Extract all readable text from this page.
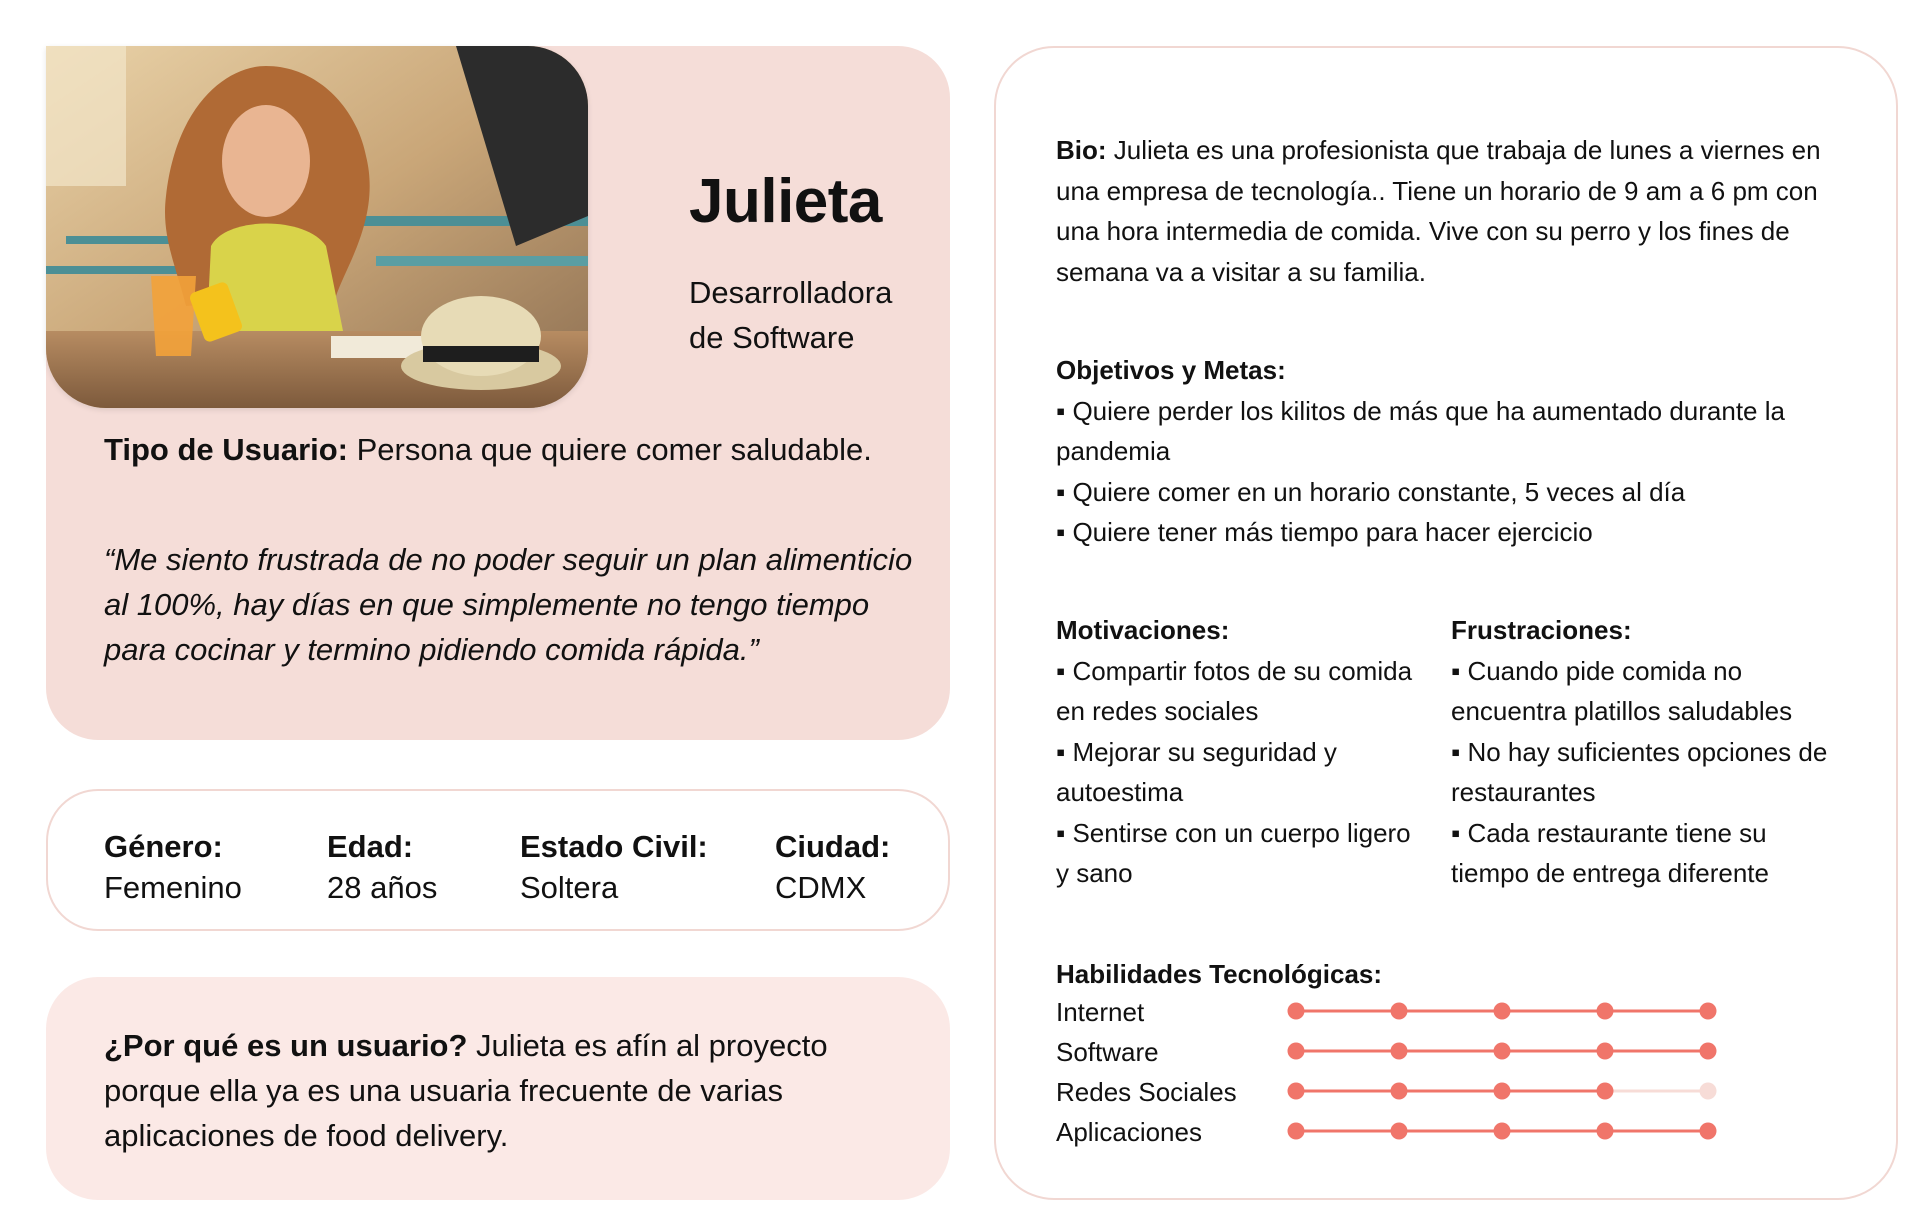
Julieta
Desarrolladora
de Software
Tipo de Usuario: Persona que quiere comer saludable.
“Me siento frustrada de no poder seguir un plan alimenticio
al 100%, hay días en que simplemente no tengo tiempo
para cocinar y termino pidiendo comida rápida.”
Género:
Femenino
Edad:
28 años
Estado Civil:
Soltera
Ciudad:
CDMX
¿Por qué es un usuario? Julieta es afín al proyecto porque ella ya es una usuaria frecuente de varias aplicaciones de food delivery.
Bio: Julieta es una profesionista que trabaja de lunes a viernes en una empresa de tecnología.. Tiene un horario de 9 am a 6 pm con una hora intermedia de comida. Vive con su perro y los fines de semana va a visitar a su familia.
Objetivos y Metas:
▪ Quiere perder los kilitos de más que ha aumentado durante la pandemia
▪ Quiere comer en un horario constante, 5 veces al día
▪ Quiere tener más tiempo para hacer ejercicio
Motivaciones:
▪ Compartir fotos de su comida en redes sociales
▪ Mejorar su seguridad y autoestima
▪ Sentirse con un cuerpo ligero y sano
Frustraciones:
▪ Cuando pide comida no encuentra platillos saludables
▪ No hay suficientes opciones de restaurantes
▪ Cada restaurante tiene su tiempo de entrega diferente
Habilidades Tecnológicas:
Internet
Software
Redes Sociales
Aplicaciones
